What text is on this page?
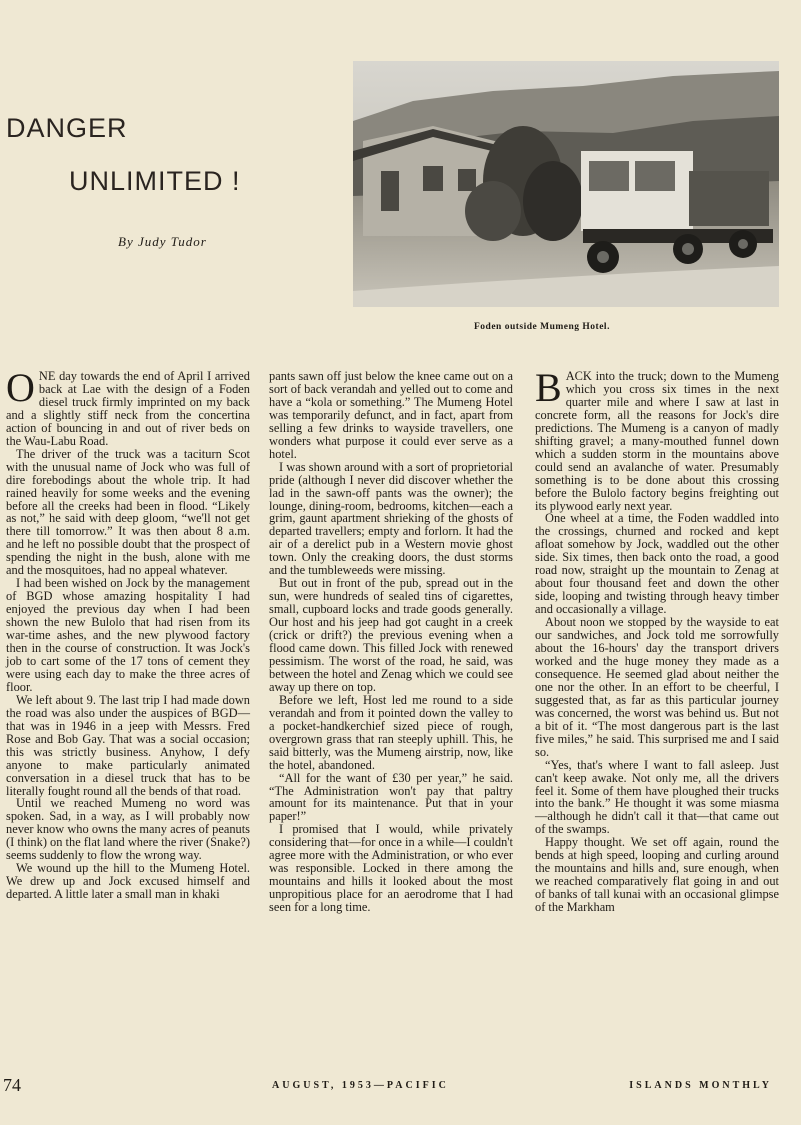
DANGER
UNLIMITED !

By Judy Tudor

Foden outside Mumeng Hotel.

ONE day towards the end of April I arrived back at Lae with the design of a Foden diesel truck firmly imprinted on my back and a slightly stiff neck from the concertina action of bouncing in and out of river beds on the Wau-Labu Road.

The driver of the truck was a taciturn Scot with the unusual name of Jock who was full of dire forebodings about the whole trip. It had rained heavily for some weeks and the evening before all the creeks had been in flood. “Likely as not,” he said with deep gloom, “we'll not get there till tomorrow.” It was then about 8 a.m. and he left no possible doubt that the prospect of spending the night in the bush, alone with me and the mosquitoes, had no appeal whatever.

I had been wished on Jock by the management of BGD whose amazing hospitality I had enjoyed the previous day when I had been shown the new Bulolo that had risen from its war-time ashes, and the new plywood factory then in the course of construction. It was Jock's job to cart some of the 17 tons of cement they were using each day to make the three acres of floor.

We left about 9. The last trip I had made down the road was also under the auspices of BGD—that was in 1946 in a jeep with Messrs. Fred Rose and Bob Gay. That was a social occasion; this was strictly business. Anyhow, I defy anyone to make particularly animated conversation in a diesel truck that has to be literally fought round all the bends of that road.

Until we reached Mumeng no word was spoken. Sad, in a way, as I will probably now never know who owns the many acres of peanuts (I think) on the flat land where the river (Snake?) seems suddenly to flow the wrong way.

We wound up the hill to the Mumeng Hotel. We drew up and Jock excused himself and departed. A little later a small man in khaki

pants sawn off just below the knee came out on a sort of back verandah and yelled out to come and have a “kola or something.” The Mumeng Hotel was temporarily defunct, and in fact, apart from selling a few drinks to wayside travellers, one wonders what purpose it could ever serve as a hotel.

I was shown around with a sort of proprietorial pride (although I never did discover whether the lad in the sawn-off pants was the owner); the lounge, dining-room, bedrooms, kitchen—each a grim, gaunt apartment shrieking of the ghosts of departed travellers; empty and forlorn. It had the air of a derelict pub in a Western movie ghost town. Only the creaking doors, the dust storms and the tumbleweeds were missing.

But out in front of the pub, spread out in the sun, were hundreds of sealed tins of cigarettes, small, cupboard locks and trade goods generally. Our host and his jeep had got caught in a creek (crick or drift?) the previous evening when a flood came down. This filled Jock with renewed pessimism. The worst of the road, he said, was between the hotel and Zenag which we could see away up there on top.

Before we left, Host led me round to a side verandah and from it pointed down the valley to a pocket-handkerchief sized piece of rough, overgrown grass that ran steeply uphill. This, he said bitterly, was the Mumeng airstrip, now, like the hotel, abandoned.

“All for the want of £30 per year,” he said. “The Administration won't pay that paltry amount for its maintenance. Put that in your paper!”

I promised that I would, while privately considering that—for once in a while—I couldn't agree more with the Administration, or who ever was responsible. Locked in there among the mountains and hills it looked about the most unpropitious place for an aerodrome that I had seen for a long time.

BACK into the truck; down to the Mumeng which you cross six times in the next quarter mile and where I saw at last in concrete form, all the reasons for Jock's dire predictions. The Mumeng is a canyon of madly shifting gravel; a many-mouthed funnel down which a sudden storm in the mountains above could send an avalanche of water. Presumably something is to be done about this crossing before the Bulolo factory begins freighting out its plywood early next year.

One wheel at a time, the Foden waddled into the crossings, churned and rocked and kept afloat somehow by Jock, waddled out the other side. Six times, then back onto the road, a good road now, straight up the mountain to Zenag at about four thousand feet and down the other side, looping and twisting through heavy timber and occasionally a village.

About noon we stopped by the wayside to eat our sandwiches, and Jock told me sorrowfully about the 16-hours' day the transport drivers worked and the huge money they made as a consequence. He seemed glad about neither the one nor the other. In an effort to be cheerful, I suggested that, as far as this particular journey was concerned, the worst was behind us. But not a bit of it. “The most dangerous part is the last five miles,” he said. This surprised me and I said so.

“Yes, that's where I want to fall asleep. Just can't keep awake. Not only me, all the drivers feel it. Some of them have ploughed their trucks into the bank.” He thought it was some miasma—although he didn't call it that—that came out of the swamps.

Happy thought. We set off again, round the bends at high speed, looping and curling around the mountains and hills and, sure enough, when we reached comparatively flat going in and out of banks of tall kunai with an occasional glimpse of the Markham

74	AUGUST, 1953—PACIFIC	ISLANDS MONTHLY
